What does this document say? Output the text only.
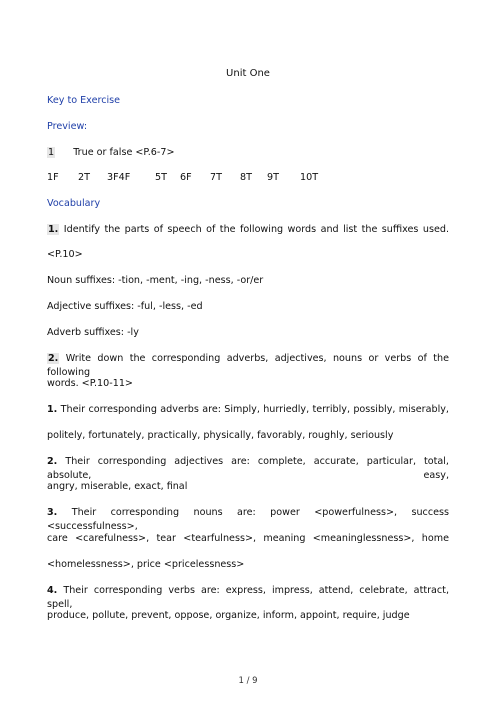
Unit One
Key to Exercise
Preview:
1 True or false <P.6-7>
1F 2T 3F4F	5T 6F 7T 8T 9T 10T
Vocabulary
1. Identify the parts of speech of the following words and list the suffixes used.
<P.10>
Noun suffixes: -tion, -ment, -ing, -ness, -or/er
Adjective suffixes: -ful, -less, -ed
Adverb suffixes: -ly
2. Write down the corresponding adverbs, adjectives, nouns or verbs of the following
words. <P.10-11>
1. Their corresponding adverbs are: Simply, hurriedly, terribly, possibly, miserably,
politely, fortunately, practically, physically, favorably, roughly, seriously
2. Their corresponding adjectives are: complete, accurate, particular, total, absolute, easy,
angry, miserable, exact, final
3. Their corresponding nouns are: power <powerfulness>, success <successfulness>,
care <carefulness>, tear <tearfulness>, meaning <meaninglessness>, home
<homelessness>, price <pricelessness>
4. Their corresponding verbs are: express, impress, attend, celebrate, attract, spell,
produce, pollute, prevent, oppose, organize, inform, appoint, require, judge
1 / 9
